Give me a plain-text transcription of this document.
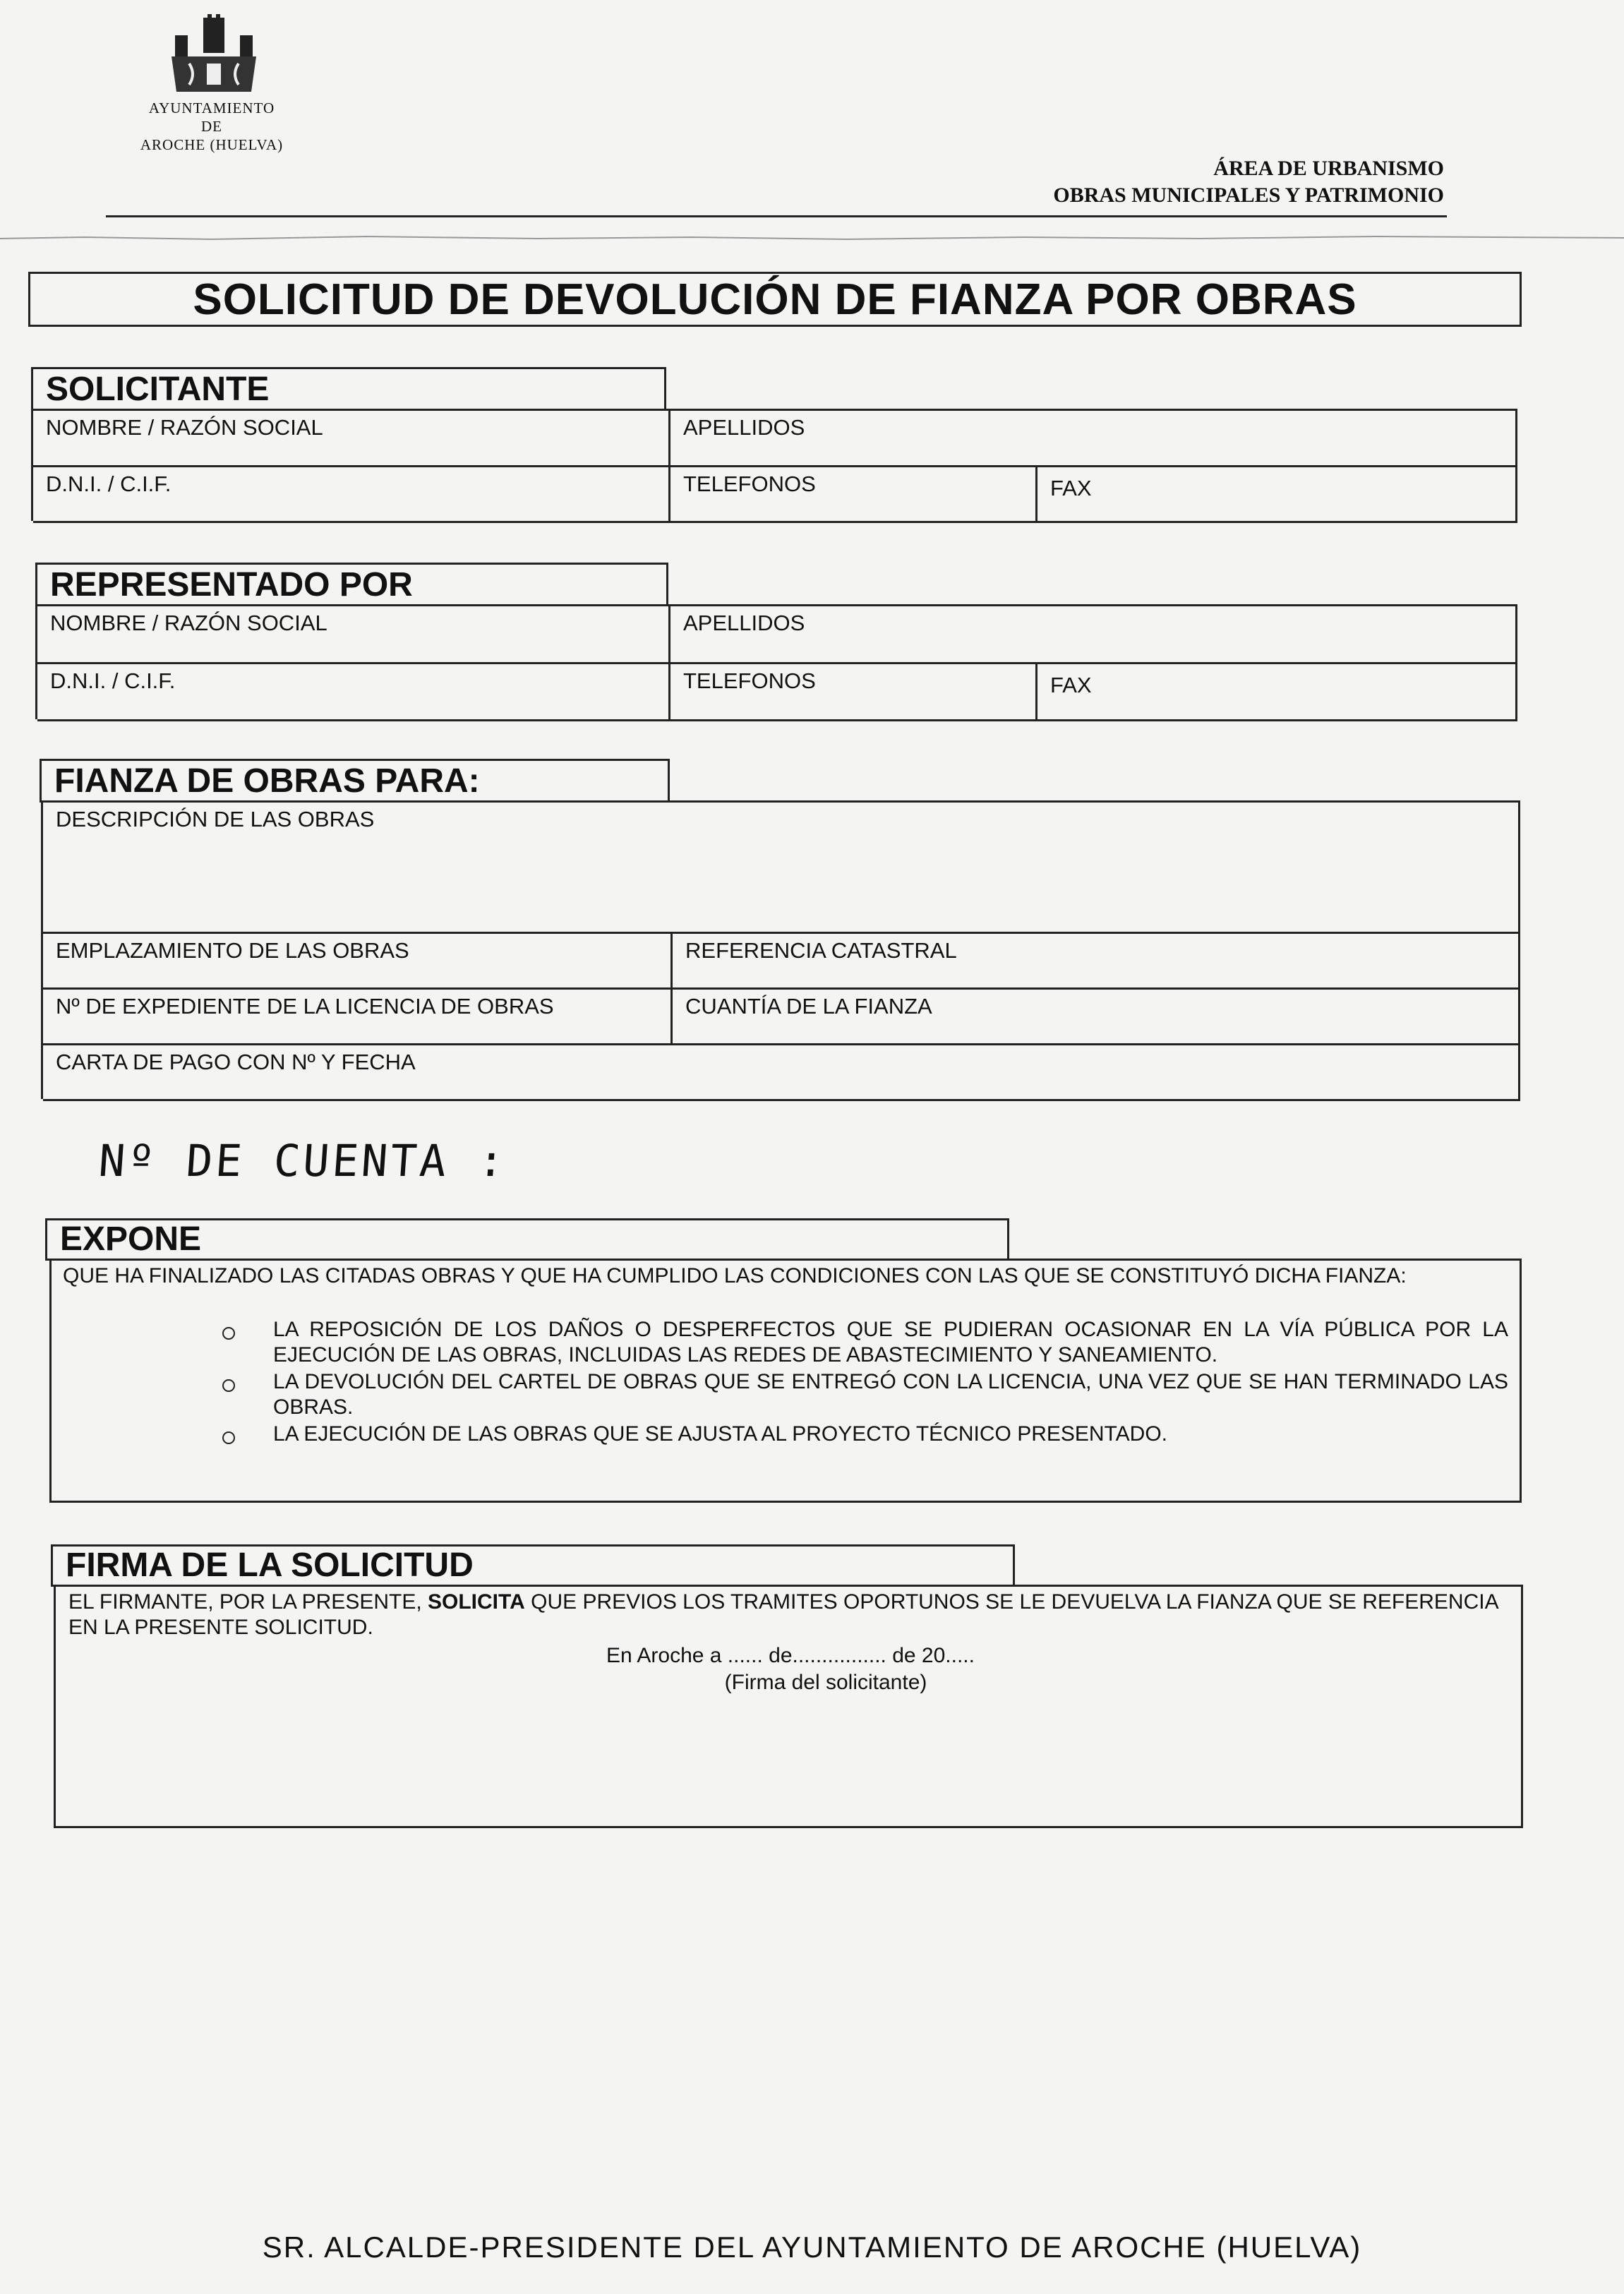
AYUNTAMIENTO
DE
AROCHE (HUELVA)
ÁREA DE URBANISMO
OBRAS MUNICIPALES Y PATRIMONIO
SOLICITUD DE DEVOLUCIÓN DE FIANZA POR OBRAS
SOLICITANTE
NOMBRE / RAZÓN SOCIAL	APELLIDOS
D.N.I. / C.I.F.	TELEFONOS	FAX
REPRESENTADO POR
NOMBRE / RAZÓN SOCIAL	APELLIDOS
D.N.I. / C.I.F.	TELEFONOS	FAX
FIANZA DE OBRAS PARA:
DESCRIPCIÓN DE LAS OBRAS
EMPLAZAMIENTO DE LAS OBRAS	REFERENCIA CATASTRAL
Nº DE EXPEDIENTE DE LA LICENCIA DE OBRAS	CUANTÍA DE LA FIANZA
CARTA DE PAGO CON Nº Y FECHA
Nº DE CUENTA :
EXPONE
QUE HA FINALIZADO LAS CITADAS OBRAS Y QUE HA CUMPLIDO LAS CONDICIONES CON LAS QUE SE CONSTITUYÓ DICHA FIANZA:
LA REPOSICIÓN DE LOS DAÑOS O DESPERFECTOS QUE SE PUDIERAN OCASIONAR EN LA VÍA PÚBLICA POR LA EJECUCIÓN DE LAS OBRAS, INCLUIDAS LAS REDES DE ABASTECIMIENTO Y SANEAMIENTO.
LA DEVOLUCIÓN DEL CARTEL DE OBRAS QUE SE ENTREGÓ CON LA LICENCIA, UNA VEZ QUE SE HAN TERMINADO LAS OBRAS.
LA EJECUCIÓN DE LAS OBRAS QUE SE AJUSTA AL PROYECTO TÉCNICO PRESENTADO.
FIRMA DE LA SOLICITUD
EL FIRMANTE, POR LA PRESENTE, SOLICITA QUE PREVIOS LOS TRAMITES OPORTUNOS SE LE DEVUELVA LA FIANZA QUE SE REFERENCIA EN LA PRESENTE SOLICITUD.
En Aroche a ...... de................ de 20.....
(Firma del solicitante)
SR. ALCALDE-PRESIDENTE DEL AYUNTAMIENTO DE AROCHE (HUELVA)
